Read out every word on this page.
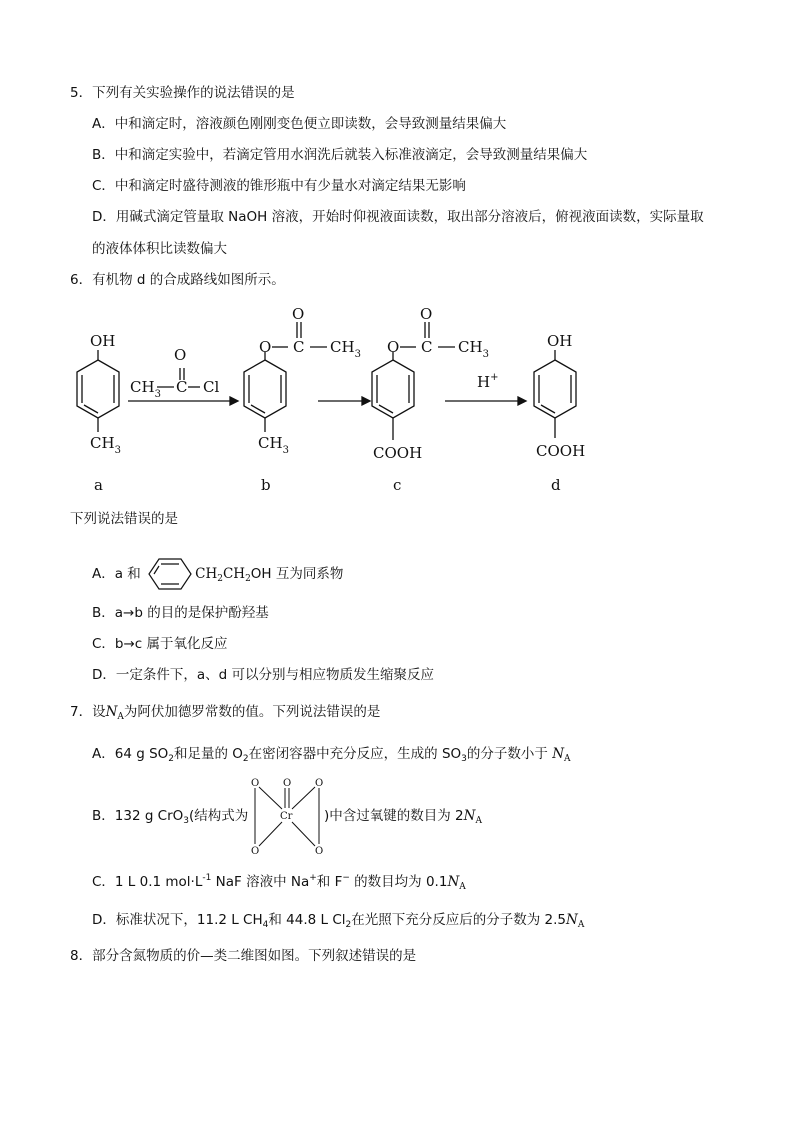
5．下列有关实验操作的说法错误的是
A．中和滴定时，溶液颜色刚刚变色便立即读数，会导致测量结果偏大
B．中和滴定实验中，若滴定管用水润洗后就装入标准液滴定，会导致测量结果偏大
C．中和滴定时盛待测液的锥形瓶中有少量水对滴定结果无影响
D．用碱式滴定管量取 NaOH 溶液，开始时仰视液面读数，取出部分溶液后，俯视液面读数，实际量取
的液体体积比读数偏大
6．有机物 d 的合成路线如图所示。
OH
$CH_3$
a
O
$CH_3$ C Cl
O C
O
$CH_3$
$CH_3$
b
O C
O
$CH_3$
COOH
c
H+
OH
COOH
d
下列说法错误的是
A．a 和	$CH_2CH_2OH$ 互为同系物
B．a→b 的目的是保护酚羟基
C．b→c 属于氧化反应
D．一定条件下，a、d 可以分别与相应物质发生缩聚反应
7．设$N_A$为阿伏加德罗常数的值。下列说法错误的是
A．64 g $SO_2$和足量的 $O_2$在密闭容器中充分反应，生成的 $SO_3$的分子数小于 $N_A$
B．132 g CrO$_3$(结构式为
O O O
Cr
O	O
)中含过氧键的数目为 $2N_A$
C．1 L 0.1 $mol\cdot L^{-1}$ NaF 溶液中 Na+和 F− 的数目均为 $0.1N_A$
D．标准状况下，11.2 L $CH_4$和 44.8 L $Cl_2$在光照下充分反应后的分子数为 $2.5N_A$
8．部分含氮物质的价—类二维图如图。下列叙述错误的是
